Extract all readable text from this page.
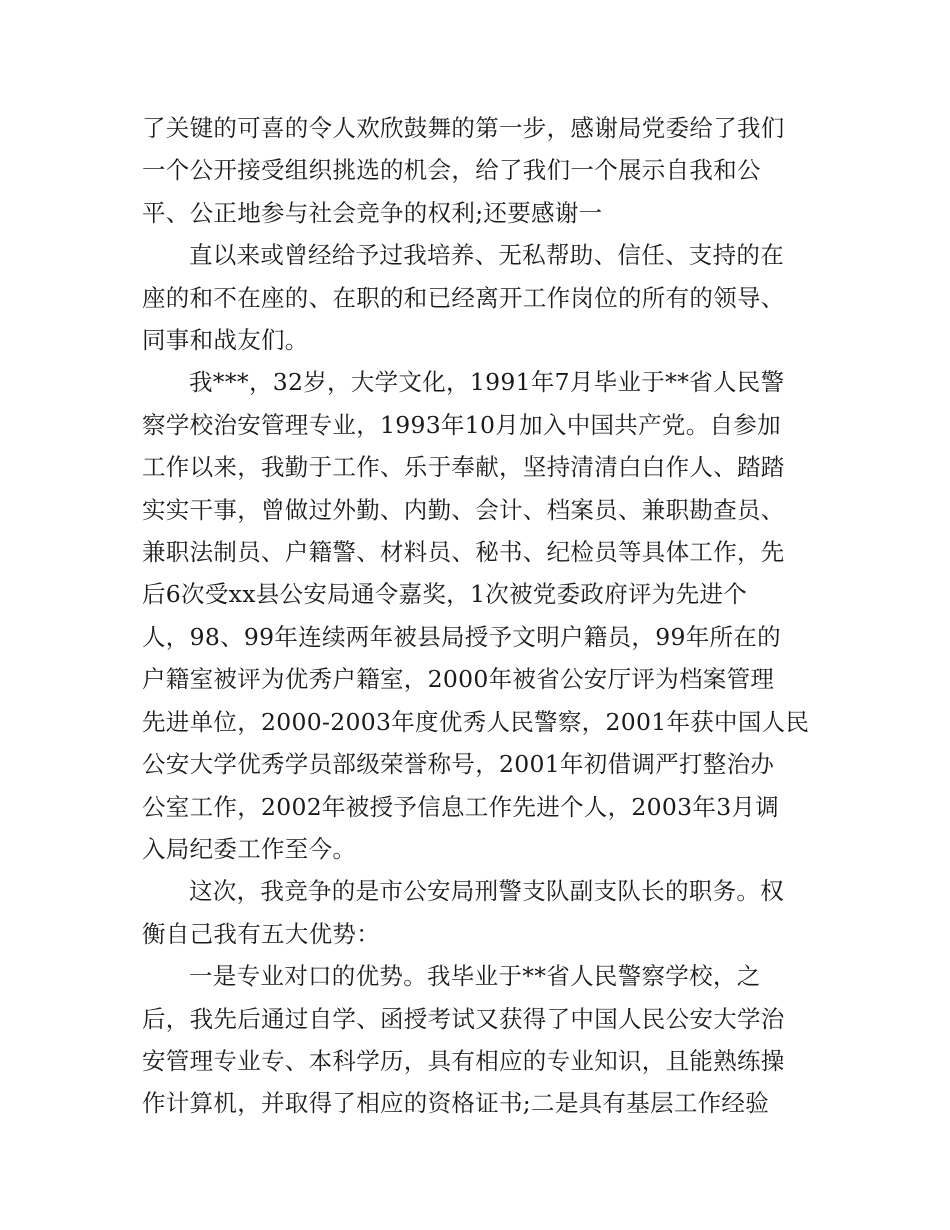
了关键的可喜的令人欢欣鼓舞的第一步，感谢局党委给了我们
一个公开接受组织挑选的机会，给了我们一个展示自我和公
平、公正地参与社会竞争的权利;还要感谢一
直以来或曾经给予过我培养、无私帮助、信任、支持的在
座的和不在座的、在职的和已经离开工作岗位的所有的领导、
同事和战友们。
我***，32岁，大学文化，1991年7月毕业于**省人民警
察学校治安管理专业，1993年10月加入中国共产党。自参加
工作以来，我勤于工作、乐于奉献，坚持清清白白作人、踏踏
实实干事，曾做过外勤、内勤、会计、档案员、兼职勘查员、
兼职法制员、户籍警、材料员、秘书、纪检员等具体工作，先
后6次受xx县公安局通令嘉奖，1次被党委政府评为先进个
人，98、99年连续两年被县局授予文明户籍员，99年所在的
户籍室被评为优秀户籍室，2000年被省公安厅评为档案管理
先进单位，2000-2003年度优秀人民警察，2001年获中国人民
公安大学优秀学员部级荣誉称号，2001年初借调严打整治办
公室工作，2002年被授予信息工作先进个人，2003年3月调
入局纪委工作至今。
这次，我竞争的是市公安局刑警支队副支队长的职务。权
衡自己我有五大优势：
一是专业对口的优势。我毕业于**省人民警察学校，之
后，我先后通过自学、函授考试又获得了中国人民公安大学治
安管理专业专、本科学历，具有相应的专业知识，且能熟练操
作计算机，并取得了相应的资格证书;二是具有基层工作经验
